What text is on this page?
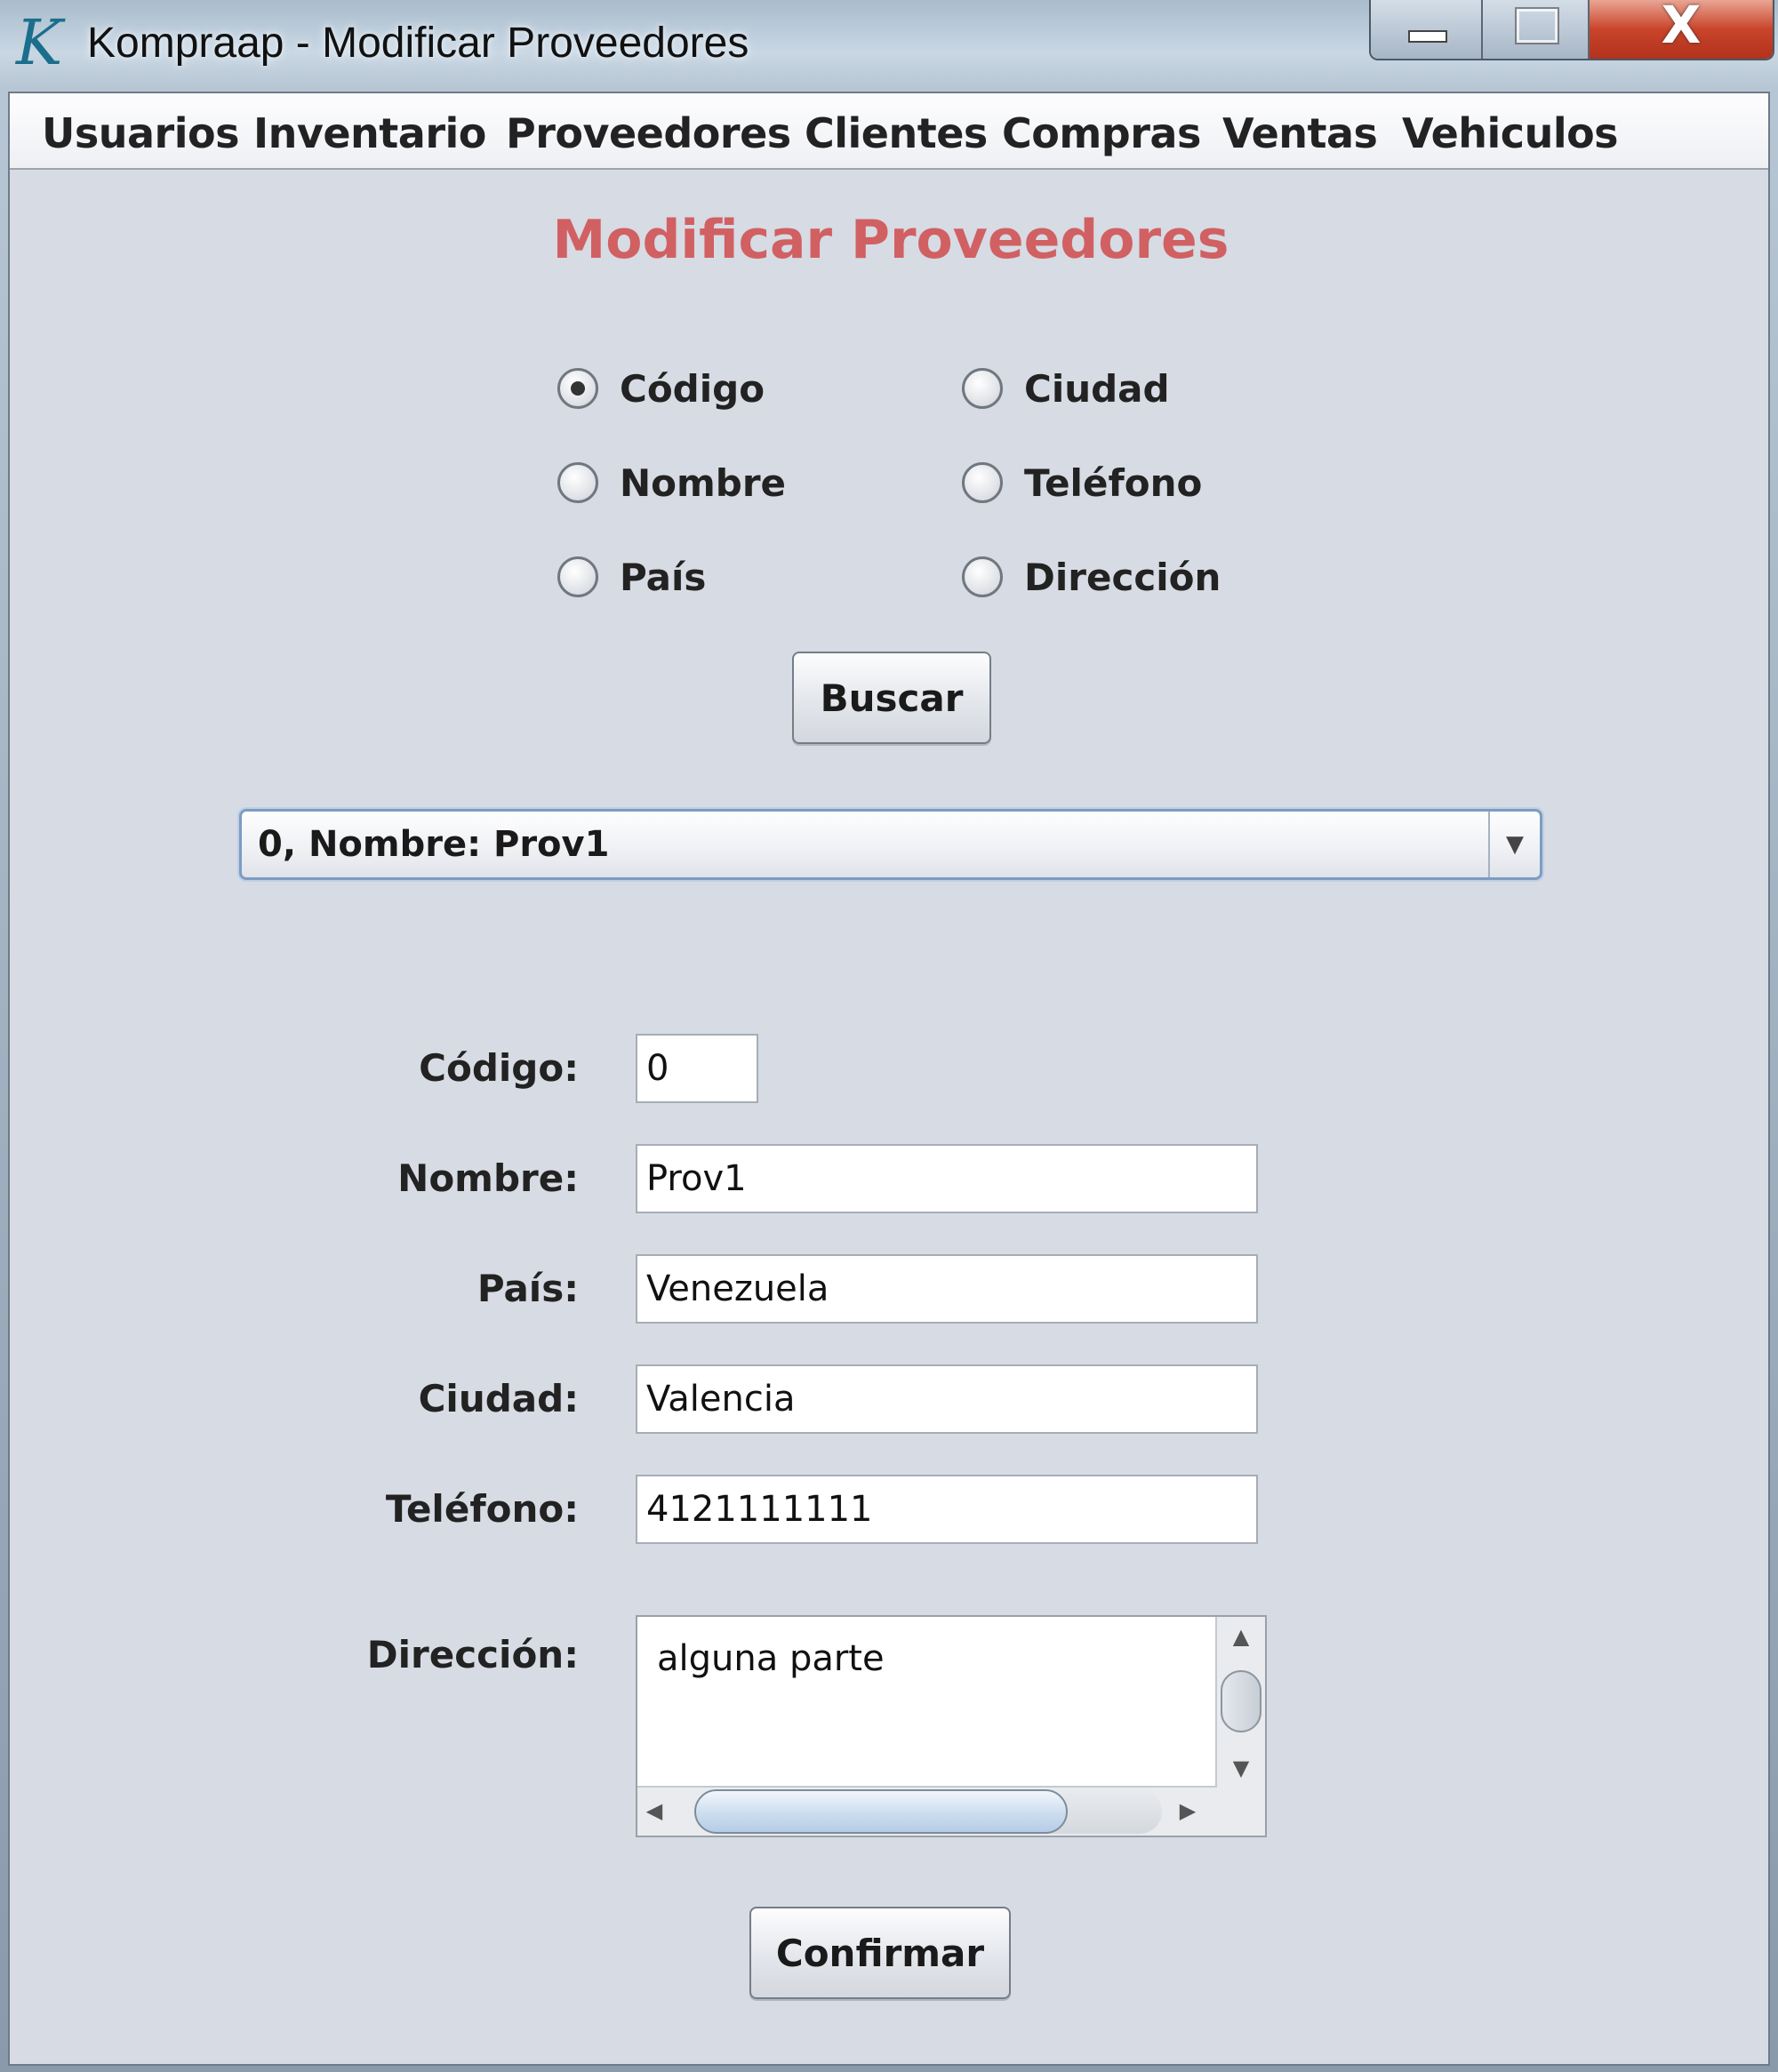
K Kompraap - Modificar Proveedores	X
Usuarios Inventario Proveedores Clientes Compras Ventas Vehiculos
Modificar Proveedores
Código	Ciudad
Nombre	Teléfono
País	Dirección
Buscar
0, Nombre: Prov1	▼
Código:
0
Nombre:
Prov1
País:
Venezuela
Ciudad:
Valencia
Teléfono:
4121111111
Dirección: alguna parte
▲
▼
◀	▶
Confirmar
